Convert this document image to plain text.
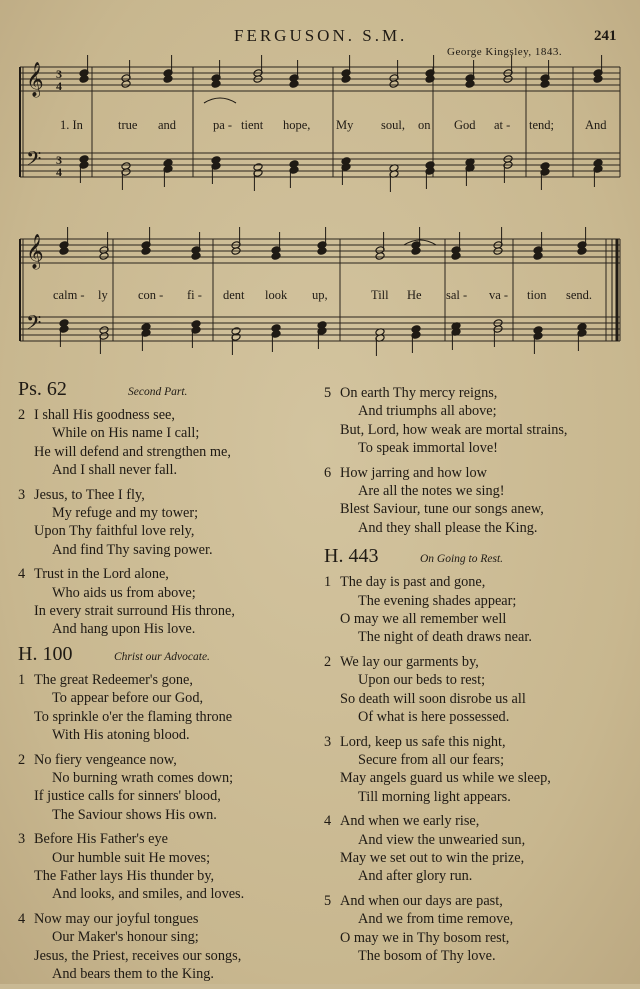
FERGUSON. S.M.	241
George Kingsley, 1843.
𝄞
𝄢
3
4
3
4
𝄞
𝄢
1. In	true and	pa - tient hope, My soul, on God at - tend; And
calm - ly con - fi - dent look up,	Till He sal - va - tion send.
Ps. 62	Second Part.
2 I shall His goodness see,
While on His name I call;
He will defend and strengthen me,
And I shall never fall.
3 Jesus, to Thee I fly,
My refuge and my tower;
Upon Thy faithful love rely,
And find Thy saving power.
4 Trust in the Lord alone,
Who aids us from above;
In every strait surround His throne,
And hang upon His love.
H. 100	Christ our Advocate.
1 The great Redeemer's gone,
To appear before our God,
To sprinkle o'er the flaming throne
With His atoning blood.
2 No fiery vengeance now,
No burning wrath comes down;
If justice calls for sinners' blood,
The Saviour shows His own.
3 Before His Father's eye
Our humble suit He moves;
The Father lays His thunder by,
And looks, and smiles, and loves.
4 Now may our joyful tongues
Our Maker's honour sing;
Jesus, the Priest, receives our songs,
And bears them to the King.
5 On earth Thy mercy reigns,
And triumphs all above;
But, Lord, how weak are mortal strains,
To speak immortal love!
6 How jarring and how low
Are all the notes we sing!
Blest Saviour, tune our songs anew,
And they shall please the King.
H. 443	On Going to Rest.
1 The day is past and gone,
The evening shades appear;
O may we all remember well
The night of death draws near.
2 We lay our garments by,
Upon our beds to rest;
So death will soon disrobe us all
Of what is here possessed.
3 Lord, keep us safe this night,
Secure from all our fears;
May angels guard us while we sleep,
Till morning light appears.
4 And when we early rise,
And view the unwearied sun,
May we set out to win the prize,
And after glory run.
5 And when our days are past,
And we from time remove,
O may we in Thy bosom rest,
The bosom of Thy love.
